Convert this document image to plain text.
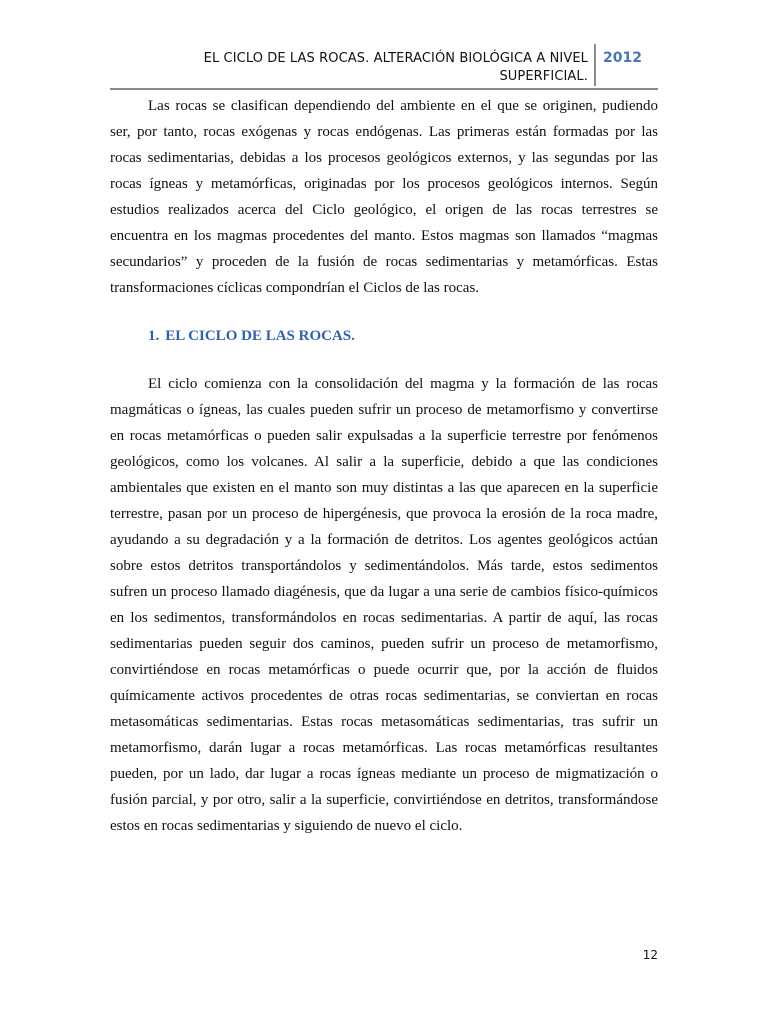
EL CICLO DE LAS ROCAS. ALTERACIÓN BIOLÓGICA A NIVEL
SUPERFICIAL.
2012

Las rocas se clasifican dependiendo del ambiente en el que se originen, pudiendo ser, por tanto, rocas exógenas y rocas endógenas. Las primeras están formadas por las rocas sedimentarias, debidas a los procesos geológicos externos, y las segundas por las rocas ígneas y metamórficas, originadas por los procesos geológicos internos. Según estudios realizados acerca del Ciclo geológico, el origen de las rocas terrestres se encuentra en los magmas procedentes del manto. Estos magmas son llamados “magmas secundarios” y proceden de la fusión de rocas sedimentarias y metamórficas. Estas transformaciones cíclicas compondrían el Ciclos de las rocas.

1. EL CICLO DE LAS ROCAS.

El ciclo comienza con la consolidación del magma y la formación de las rocas magmáticas o ígneas, las cuales pueden sufrir un proceso de metamorfismo y convertirse en rocas metamórficas o pueden salir expulsadas a la superficie terrestre por fenómenos geológicos, como los volcanes. Al salir a la superficie, debido a que las condiciones ambientales que existen en el manto son muy distintas a las que aparecen en la superficie terrestre, pasan por un proceso de hipergénesis, que provoca la erosión de la roca madre, ayudando a su degradación y a la formación de detritos. Los agentes geológicos actúan sobre estos detritos transportándolos y sedimentándolos. Más tarde, estos sedimentos sufren un proceso llamado diagénesis, que da lugar a una serie de cambios físico-químicos en los sedimentos, transformándolos en rocas sedimentarias. A partir de aquí, las rocas sedimentarias pueden seguir dos caminos, pueden sufrir un proceso de metamorfismo, convirtiéndose en rocas metamórficas o puede ocurrir que, por la acción de fluidos químicamente activos procedentes de otras rocas sedimentarias, se conviertan en rocas metasomáticas sedimentarias. Estas rocas metasomáticas sedimentarias, tras sufrir un metamorfismo, darán lugar a rocas metamórficas. Las rocas metamórficas resultantes pueden, por un lado, dar lugar a rocas ígneas mediante un proceso de migmatización o fusión parcial, y por otro, salir a la superficie, convirtiéndose en detritos, transformándose estos en rocas sedimentarias y siguiendo de nuevo el ciclo.

12
